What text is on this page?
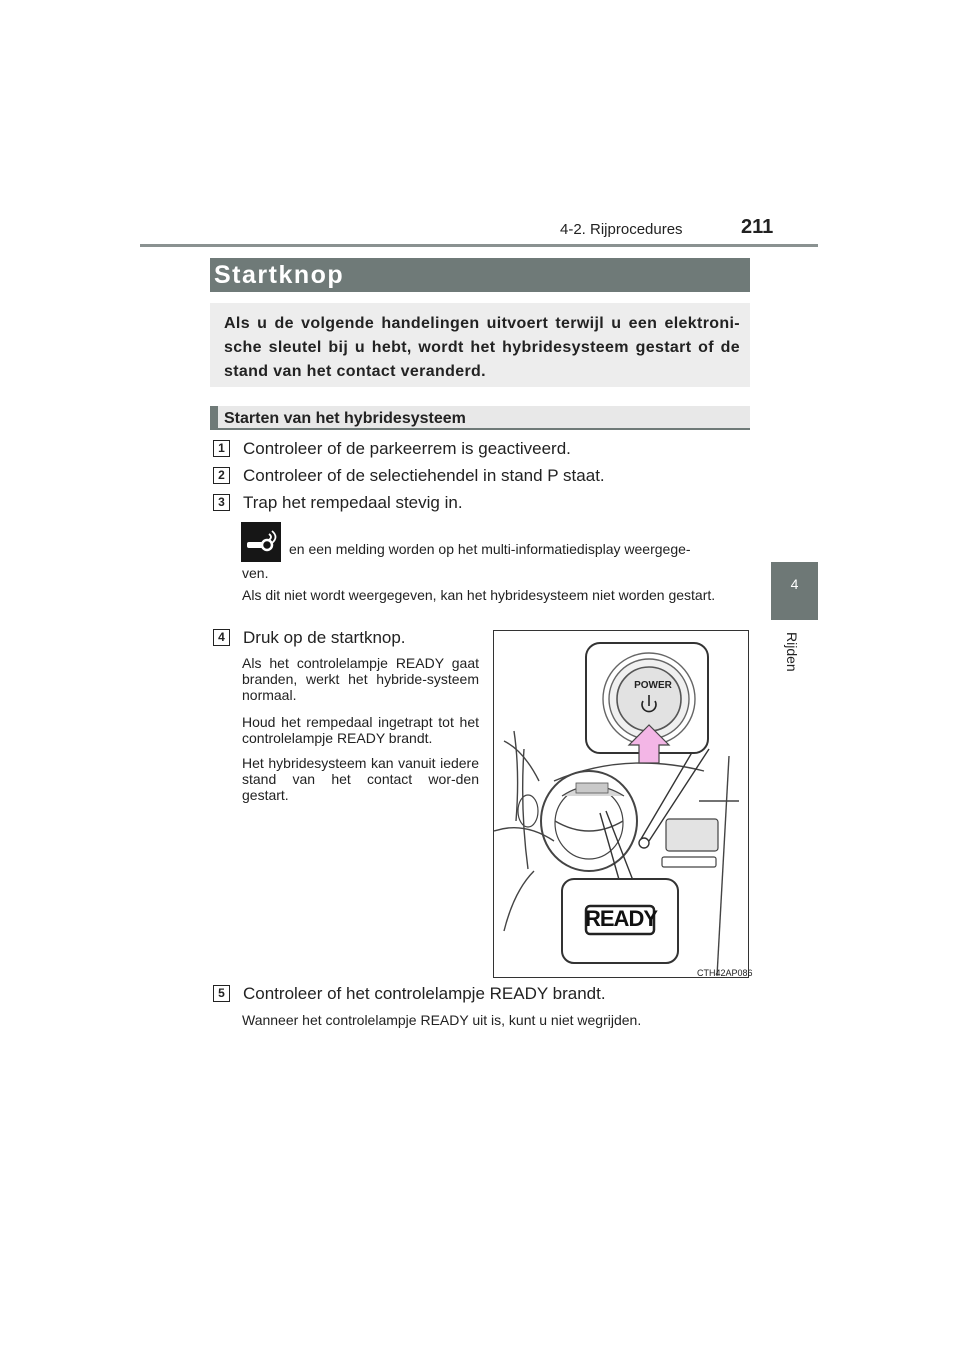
4-2. Rijprocedures	211
4
Rijden
Startknop
Als u de volgende handelingen uitvoert terwijl u een elektroni-sche sleutel bij u hebt, wordt het hybridesysteem gestart of de stand van het contact veranderd.
Starten van het hybridesysteem
1	Controleer of de parkeerrem is geactiveerd.
2	Controleer of de selectiehendel in stand P staat.
3	Trap het rempedaal stevig in.
en een melding worden op het multi-informatiedisplay weergege-
ven.
Als dit niet wordt weergegeven, kan het hybridesysteem niet worden gestart.
4	Druk op de startknop.
Als het controlelampje READY gaat branden, werkt het hybride-systeem normaal.
Houd het rempedaal ingetrapt tot het controlelampje READY brandt.
Het hybridesysteem kan vanuit iedere stand van het contact wor-den gestart.
POWER
READY
CTH42AP086
5	Controleer of het controlelampje READY brandt.
Wanneer het controlelampje READY uit is, kunt u niet wegrijden.
